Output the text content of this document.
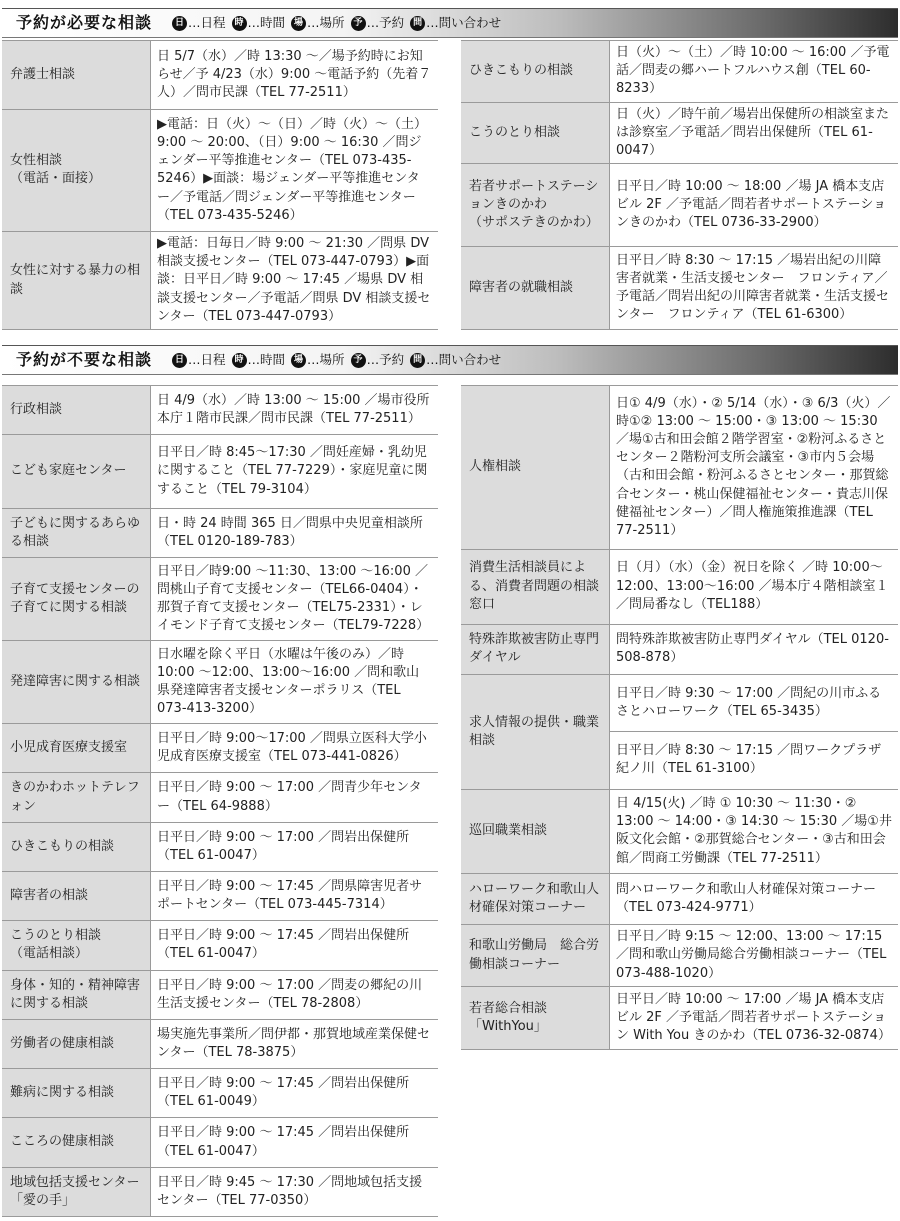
予約が必要な相談	日 …日程 時 …時間 場 …場所 予 …予約 問 …問い合わせ
弁護士相談
日 5/7（水）／時 13:30 〜／場予約時にお知らせ／予 4/23（水）9:00 〜電話予約（先着７人）／問市民課（TEL 77-2511）
女性相談
（電話・面接）
▶電話：日（火）〜（日）／時（火）〜（土）9:00 〜 20:00、（日）9:00 〜 16:30 ／問ジェンダー平等推進センター（TEL 073-435-5246）▶面談：場ジェンダー平等推進センター／予電話／問ジェンダー平等推進センター（TEL 073-435-5246）
女性に対する暴力の相談
▶電話：日毎日／時 9:00 〜 21:30 ／問県 DV 相談支援センター（TEL 073-447-0793）▶面談：日平日／時 9:00 〜 17:45 ／場県 DV 相談支援センター／予電話／問県 DV 相談支援センター（TEL 073-447-0793）
ひきこもりの相談
日（火）〜（土）／時 10:00 〜 16:00 ／予電話／問麦の郷ハートフルハウス創（TEL 60-8233）
こうのとり相談
日（火）／時午前／場岩出保健所の相談室または診察室／予電話／問岩出保健所（TEL 61-0047）
若者サポートステーションきのかわ
（サポステきのかわ）
日平日／時 10:00 〜 18:00 ／場 JA 橋本支店ビル 2F ／予電話／問若者サポートステーションきのかわ（TEL 0736-33-2900）
障害者の就職相談
日平日／時 8:30 〜 17:15 ／場岩出紀の川障害者就業・生活支援センター　フロンティア／予電話／問岩出紀の川障害者就業・生活支援センター　フロンティア（TEL 61-6300）
予約が不要な相談	日 …日程 時 …時間 場 …場所 予 …予約 問 …問い合わせ
行政相談
日 4/9（水）／時 13:00 〜 15:00 ／場市役所本庁１階市民課／問市民課（TEL 77-2511）
こども家庭センター
日平日／時 8:45〜17:30 ／問妊産婦・乳幼児に関すること（TEL 77-7229）・家庭児童に関すること（TEL 79-3104）
子どもに関するあらゆる相談
日・時 24 時間 365 日／問県中央児童相談所（TEL 0120-189-783）
子育て支援センターの子育てに関する相談
日平日／時9:00 〜11:30、13:00 〜16:00 ／問桃山子育て支援センター（TEL66-0404）・那賀子育て支援センター（TEL75-2331）・レイモンド子育て支援センター（TEL79-7228）
発達障害に関する相談
日水曜を除く平日（水曜は午後のみ）／時 10:00 〜12:00、13:00〜16:00 ／問和歌山県発達障害者支援センターポラリス（TEL 073-413-3200）
小児成育医療支援室
日平日／時 9:00〜17:00 ／問県立医科大学小児成育医療支援室（TEL 073-441-0826）
きのかわホットテレフォン
日平日／時 9:00 〜 17:00 ／問青少年センター（TEL 64-9888）
ひきこもりの相談
日平日／時 9:00 〜 17:00 ／問岩出保健所（TEL 61-0047）
障害者の相談
日平日／時 9:00 〜 17:45 ／問県障害児者サポートセンター（TEL 073-445-7314）
こうのとり相談
（電話相談）
日平日／時 9:00 〜 17:45 ／問岩出保健所（TEL 61-0047）
身体・知的・精神障害に関する相談
日平日／時 9:00 〜 17:00 ／問麦の郷紀の川生活支援センター（TEL 78-2808）
労働者の健康相談
場実施先事業所／問伊都・那賀地域産業保健センター（TEL 78-3875）
難病に関する相談
日平日／時 9:00 〜 17:45 ／問岩出保健所（TEL 61-0049）
こころの健康相談
日平日／時 9:00 〜 17:45 ／問岩出保健所（TEL 61-0047）
地域包括支援センター「愛の手」
日平日／時 9:45 〜 17:30 ／問地域包括支援センター（TEL 77-0350）
人権相談
日① 4/9（水）・② 5/14（水）・③ 6/3（火）／時①② 13:00 〜 15:00・③ 13:00 〜 15:30 ／場①古和田会館２階学習室・②粉河ふるさとセンター２階粉河支所会議室・③市内５会場（古和田会館・粉河ふるさとセンター・那賀総合センター・桃山保健福祉センター・貴志川保健福祉センター）／問人権施策推進課（TEL 77-2511）
消費生活相談員による、消費者問題の相談窓口
日（月）（水）（金）祝日を除く ／時 10:00〜12:00、13:00〜16:00 ／場本庁４階相談室１／問局番なし（TEL188）
特殊詐欺被害防止専門ダイヤル
問特殊詐欺被害防止専門ダイヤル（TEL 0120-508-878）
求人情報の提供・職業相談
日平日／時 9:30 〜 17:00 ／問紀の川市ふるさとハローワーク（TEL 65-3435）
日平日／時 8:30 〜 17:15 ／問ワークプラザ紀ノ川（TEL 61-3100）
巡回職業相談
日 4/15(火) ／時 ① 10:30 〜 11:30・② 13:00 〜 14:00・③ 14:30 〜 15:30 ／場①井阪文化会館・②那賀総合センター・③古和田会館／問商工労働課（TEL 77-2511）
ハローワーク和歌山人材確保対策コーナー
問ハローワーク和歌山人材確保対策コーナー（TEL 073-424-9771）
和歌山労働局　総合労働相談コーナー
日平日／時 9:15 〜 12:00、13:00 〜 17:15 ／問和歌山労働局総合労働相談コーナー（TEL 073-488-1020）
若者総合相談「WithYou」
日平日／時 10:00 〜 17:00 ／場 JA 橋本支店ビル 2F ／予電話／問若者サポートステーション With You きのかわ（TEL 0736-32-0874）
